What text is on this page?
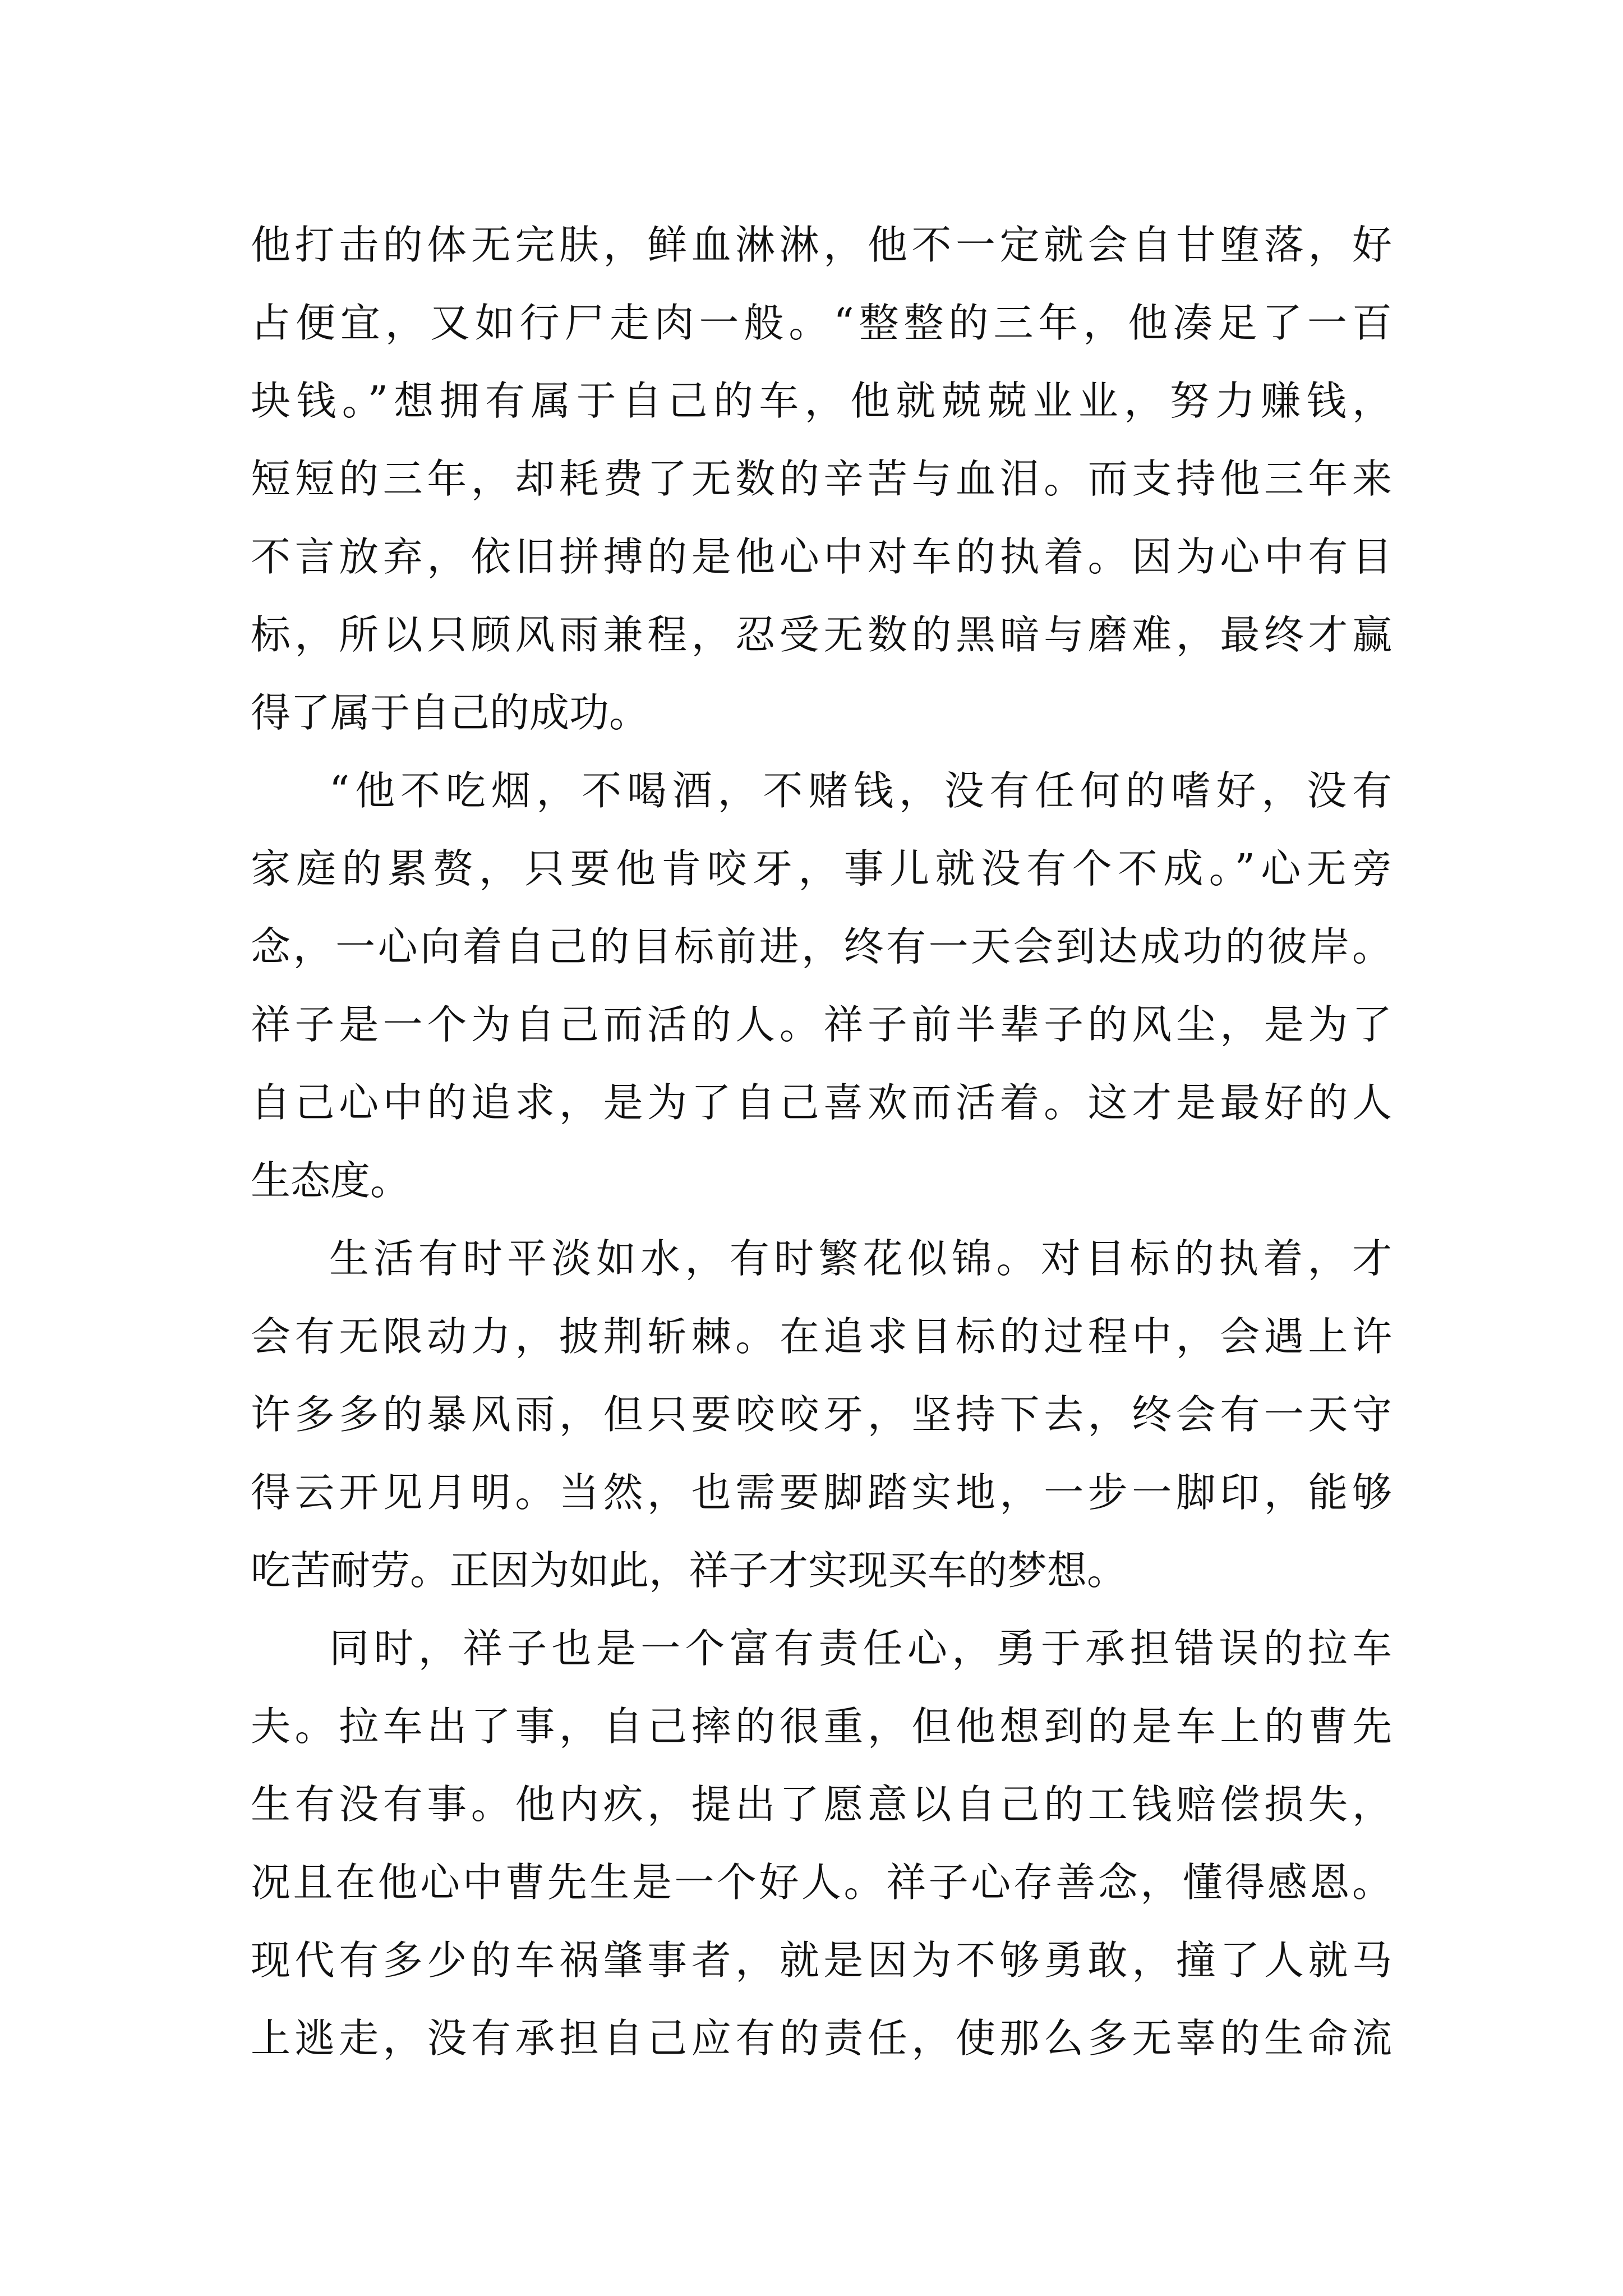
他打击的体无完肤，鲜血淋淋，他不一定就会自甘堕落，好
占便宜，又如行尸走肉一般。“整整的三年，他凑足了一百
块钱。”想拥有属于自己的车，他就兢兢业业，努力赚钱，
短短的三年，却耗费了无数的辛苦与血泪。而支持他三年来
不言放弃，依旧拼搏的是他心中对车的执着。因为心中有目
标，所以只顾风雨兼程，忍受无数的黑暗与磨难，最终才赢
得了属于自己的成功。
“他不吃烟，不喝酒，不赌钱，没有任何的嗜好，没有
家庭的累赘，只要他肯咬牙，事儿就没有个不成。”心无旁
念，一心向着自己的目标前进，终有一天会到达成功的彼岸。
祥子是一个为自己而活的人。祥子前半辈子的风尘，是为了
自己心中的追求，是为了自己喜欢而活着。这才是最好的人
生态度。
生活有时平淡如水，有时繁花似锦。对目标的执着，才
会有无限动力，披荆斩棘。在追求目标的过程中，会遇上许
许多多的暴风雨，但只要咬咬牙，坚持下去，终会有一天守
得云开见月明。当然，也需要脚踏实地，一步一脚印，能够
吃苦耐劳。正因为如此，祥子才实现买车的梦想。
同时，祥子也是一个富有责任心，勇于承担错误的拉车
夫。拉车出了事，自己摔的很重，但他想到的是车上的曹先
生有没有事。他内疚，提出了愿意以自己的工钱赔偿损失，
况且在他心中曹先生是一个好人。祥子心存善念，懂得感恩。
现代有多少的车祸肇事者，就是因为不够勇敢，撞了人就马
上逃走，没有承担自己应有的责任，使那么多无辜的生命流
